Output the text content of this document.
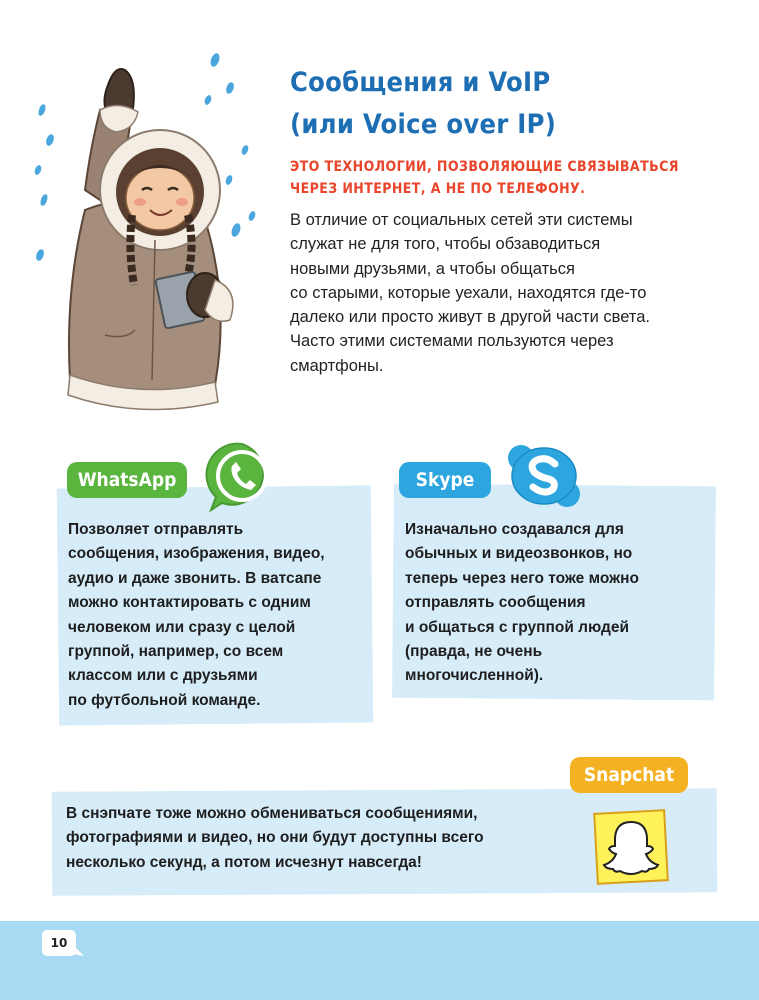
Сообщения и VoIP
(или Voice over IP)

ЭТО ТЕХНОЛОГИИ, ПОЗВОЛЯЮЩИЕ СВЯЗЫВАТЬСЯ
ЧЕРЕЗ ИНТЕРНЕТ, А НЕ ПО ТЕЛЕФОНУ.

В отличие от социальных сетей эти системы
служат не для того, чтобы обзаводиться
новыми друзьями, а чтобы общаться
со старыми, которые уехали, находятся где-то
далеко или просто живут в другой части света.
Часто этими системами пользуются через
смартфоны.

WhatsApp

Позволяет отправлять
сообщения, изображения, видео,
аудио и даже звонить. В ватсапе
можно контактировать с одним
человеком или сразу с целой
группой, например, со всем
классом или с друзьями
по футбольной команде.

Skype

Изначально создавался для
обычных и видеозвонков, но
теперь через него тоже можно
отправлять сообщения
и общаться с группой людей
(правда, не очень
многочисленной).

Snapchat

В снэпчате тоже можно обмениваться сообщениями,
фотографиями и видео, но они будут доступны всего
несколько секунд, а потом исчезнут навсегда!

10
